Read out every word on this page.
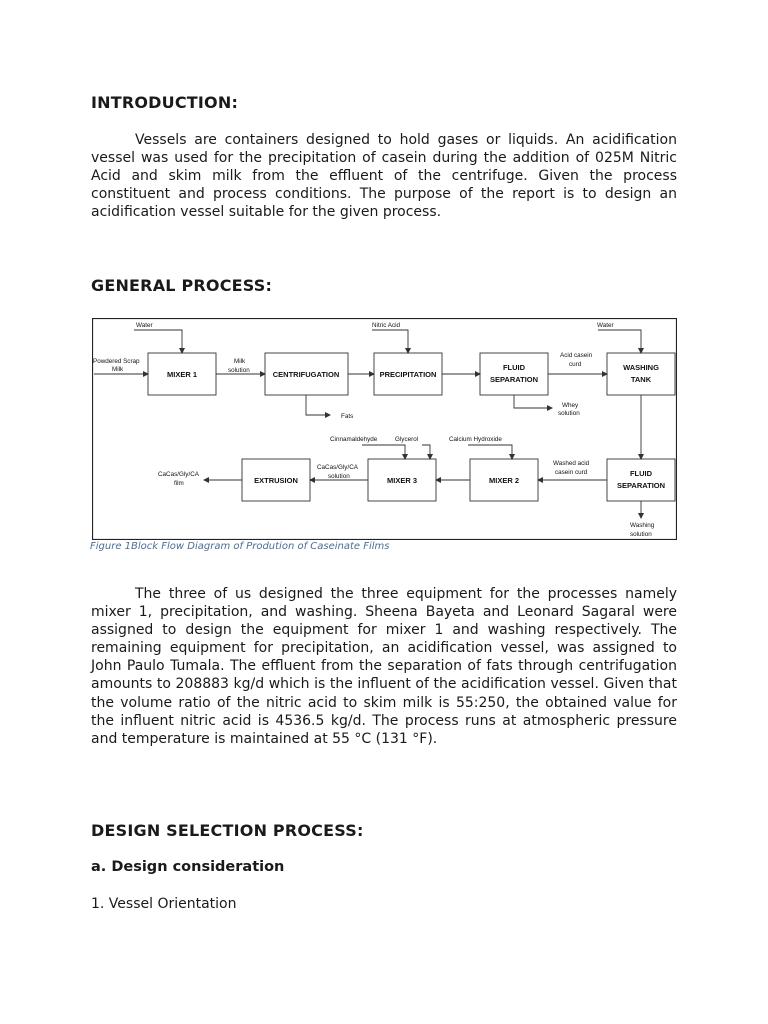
INTRODUCTION:

Vessels are containers designed to hold gases or liquids. An acidification vessel was used for the precipitation of casein during the addition of 025M Nitric Acid and skim milk from the effluent of the centrifuge. Given the process constituent and process conditions. The purpose of the report is to design an acidification vessel suitable for the given process.

GENERAL PROCESS:
MIXER 1	CENTRIFUGATION	PRECIPITATION
FLUID
SEPARATION
WASHING
TANK
FLUID
SEPARATION
MIXER 2
MIXER 3
EXTRUSION
Water	Nitric Acid	Water
Powdered Scrap
Milk
Milk
solution
Fats
Acid casein
curd
Whey
solution
Cinnamaldehyde	Glycerol	Calcium Hydroxide
Washed acid
casein curd
CaCas/Gly/CA
solution
CaCas/Gly/CA
film
Washing
solution

Figure 1Block Flow Diagram of Prodution of Caseinate Films

The three of us designed the three equipment for the processes namely mixer 1, precipitation, and washing. Sheena Bayeta and Leonard Sagaral were assigned to design the equipment for mixer 1 and washing respectively. The remaining equipment for precipitation, an acidification vessel, was assigned to John Paulo Tumala. The effluent from the separation of fats through centrifugation amounts to 208883 kg/d which is the influent of the acidification vessel. Given that the volume ratio of the nitric acid to skim milk is 55:250, the obtained value for the influent nitric acid is 4536.5 kg/d. The process runs at atmospheric pressure and temperature is maintained at 55 °C (131 °F).

DESIGN SELECTION PROCESS:

a. Design consideration

1. Vessel Orientation
